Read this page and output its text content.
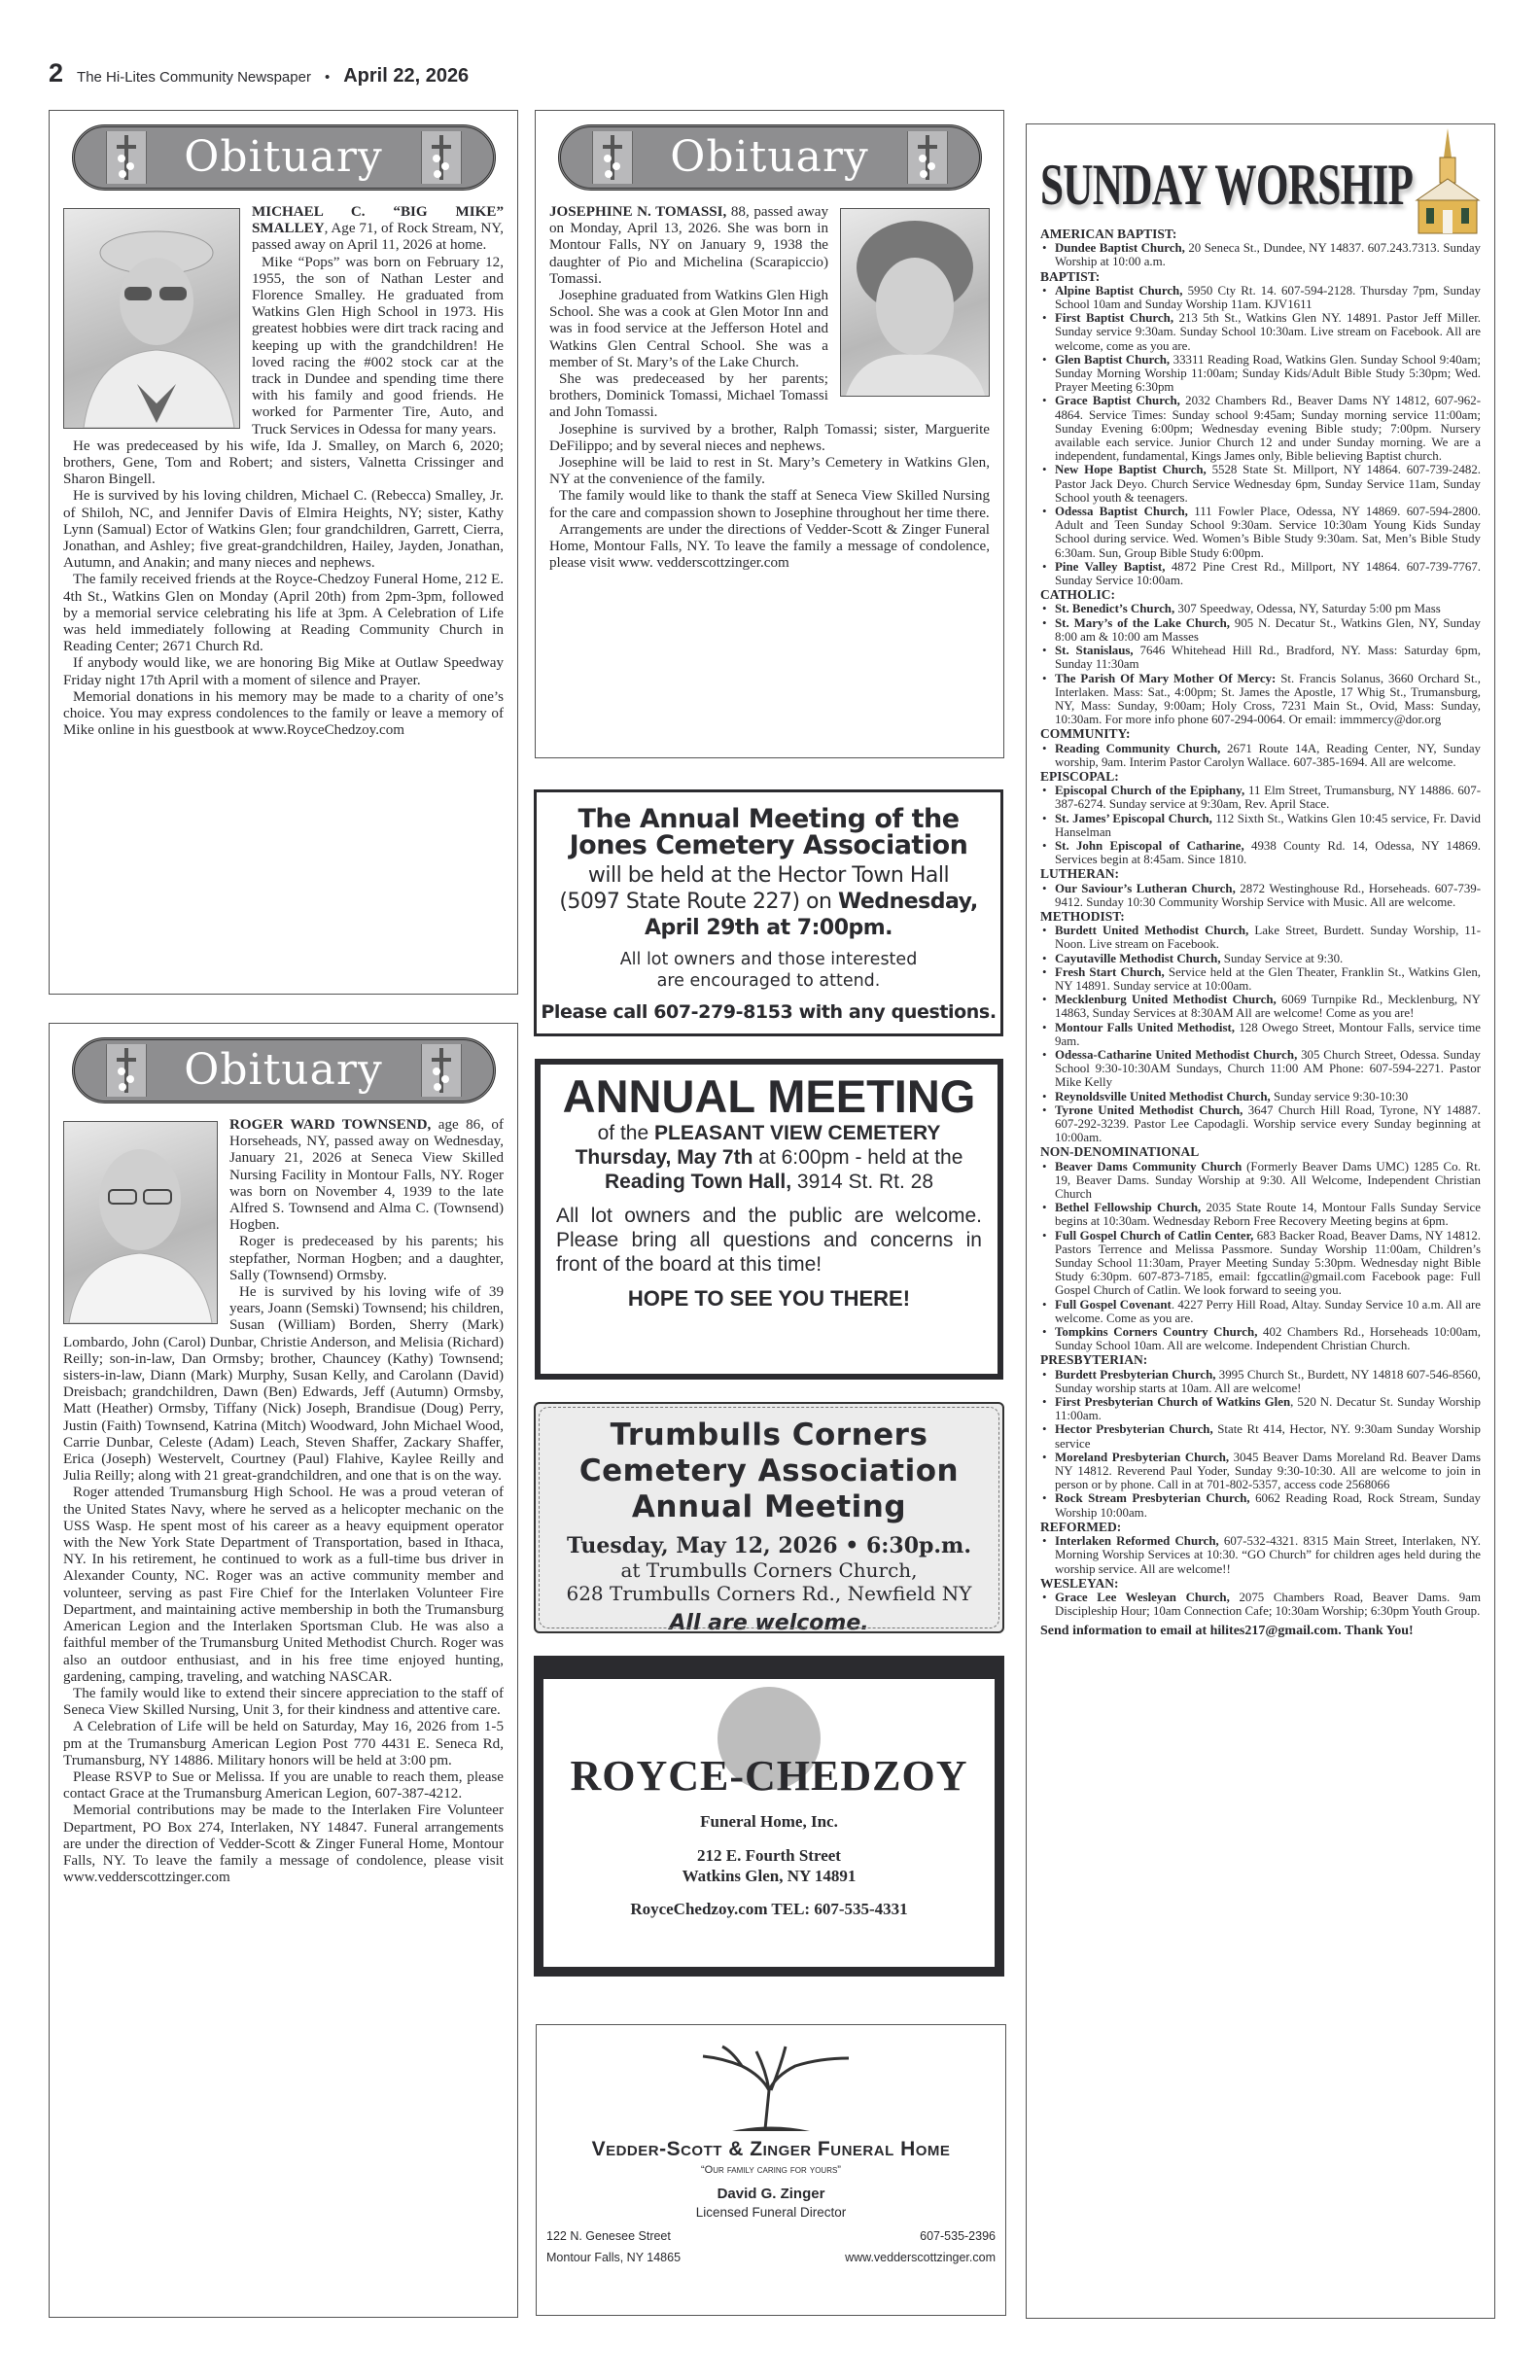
2 The Hi-Lites Community Newspaper • April 22, 2026
Obituary

MICHAEL C. “BIG MIKE” SMALLEY, Age 71, of Rock Stream, NY, passed away on April 11, 2026 at home.

Mike “Pops” was born on February 12, 1955, the son of Nathan Lester and Florence Smalley. He graduated from Watkins Glen High School in 1973. His greatest hobbies were dirt track racing and keeping up with the grandchildren! He loved racing the #002 stock car at the track in Dundee and spending time there with his family and good friends. He worked for Parmenter Tire, Auto, and Truck Services in Odessa for many years.

He was predeceased by his wife, Ida J. Smalley, on March 6, 2020; brothers, Gene, Tom and Robert; and sisters, Valnetta Crissinger and Sharon Bingell.

He is survived by his loving children, Michael C. (Rebecca) Smalley, Jr. of Shiloh, NC, and Jennifer Davis of Elmira Heights, NY; sister, Kathy Lynn (Samual) Ector of Watkins Glen; four grandchildren, Garrett, Cierra, Jonathan, and Ashley; five great-grandchildren, Hailey, Jayden, Jonathan, Autumn, and Anakin; and many nieces and nephews.

The family received friends at the Royce-Chedzoy Funeral Home, 212 E. 4th St., Watkins Glen on Monday (April 20th) from 2pm-3pm, followed by a memorial service celebrating his life at 3pm. A Celebration of Life was held immediately following at Reading Community Church in Reading Center; 2671 Church Rd.

If anybody would like, we are honoring Big Mike at Outlaw Speedway Friday night 17th April with a moment of silence and Prayer.

Memorial donations in his memory may be made to a charity of one’s choice. You may express condolences to the family or leave a memory of Mike online in his guestbook at www.RoyceChedzoy.com

Obituary

JOSEPHINE N. TOMASSI, 88, passed away on Monday, April 13, 2026. She was born in Montour Falls, NY on January 9, 1938 the daughter of Pio and Michelina (Scarapiccio) Tomassi.

Josephine graduated from Watkins Glen High School. She was a cook at Glen Motor Inn and was in food service at the Jefferson Hotel and Watkins Glen Central School. She was a member of St. Mary’s of the Lake Church.

She was predeceased by her parents; brothers, Dominick Tomassi, Michael Tomassi and John Tomassi.

Josephine is survived by a brother, Ralph Tomassi; sister, Marguerite DeFilippo; and by several nieces and nephews.

Josephine will be laid to rest in St. Mary’s Cemetery in Watkins Glen, NY at the convenience of the family.

The family would like to thank the staff at Seneca View Skilled Nursing for the care and compassion shown to Josephine throughout her time there.

Arrangements are under the directions of Vedder-Scott & Zinger Funeral Home, Montour Falls, NY. To leave the family a message of condolence, please visit www. vedderscottzinger.com

Obituary

ROGER WARD TOWNSEND, age 86, of Horseheads, NY, passed away on Wednesday, January 21, 2026 at Seneca View Skilled Nursing Facility in Montour Falls, NY. Roger was born on November 4, 1939 to the late Alfred S. Townsend and Alma C. (Townsend) Hogben.

Roger is predeceased by his parents; his stepfather, Norman Hogben; and a daughter, Sally (Townsend) Ormsby.

He is survived by his loving wife of 39 years, Joann (Semski) Townsend; his children, Susan (William) Borden, Sherry (Mark) Lombardo, John (Carol) Dunbar, Christie Anderson, and Melisia (Richard) Reilly; son-in-law, Dan Ormsby; brother, Chauncey (Kathy) Townsend; sisters-in-law, Diann (Mark) Murphy, Susan Kelly, and Carolann (David) Dreisbach; grandchildren, Dawn (Ben) Edwards, Jeff (Autumn) Ormsby, Matt (Heather) Ormsby, Tiffany (Nick) Joseph, Brandisue (Doug) Perry, Justin (Faith) Townsend, Katrina (Mitch) Woodward, John Michael Wood, Carrie Dunbar, Celeste (Adam) Leach, Steven Shaffer, Zackary Shaffer, Erica (Joseph) Westervelt, Courtney (Paul) Flahive, Kaylee Reilly and Julia Reilly; along with 21 great-grandchildren, and one that is on the way.

Roger attended Trumansburg High School. He was a proud veteran of the United States Navy, where he served as a helicopter mechanic on the USS Wasp. He spent most of his career as a heavy equipment operator with the New York State Department of Transportation, based in Ithaca, NY. In his retirement, he continued to work as a full-time bus driver in Alexander County, NC. Roger was an active community member and volunteer, serving as past Fire Chief for the Interlaken Volunteer Fire Department, and maintaining active membership in both the Trumansburg American Legion and the Interlaken Sportsman Club. He was also a faithful member of the Trumansburg United Methodist Church. Roger was also an outdoor enthusiast, and in his free time enjoyed hunting, gardening, camping, traveling, and watching NASCAR.

The family would like to extend their sincere appreciation to the staff of Seneca View Skilled Nursing, Unit 3, for their kindness and attentive care.

A Celebration of Life will be held on Saturday, May 16, 2026 from 1-5 pm at the Trumansburg American Legion Post 770 4431 E. Seneca Rd, Trumansburg, NY 14886. Military honors will be held at 3:00 pm.

Please RSVP to Sue or Melissa. If you are unable to reach them, please contact Grace at the Trumansburg American Legion, 607-387-4212.

Memorial contributions may be made to the Interlaken Fire Volunteer Department, PO Box 274, Interlaken, NY 14847. Funeral arrangements are under the direction of Vedder-Scott & Zinger Funeral Home, Montour Falls, NY. To leave the family a message of condolence, please visit www.vedderscottzinger.com

The Annual Meeting of the
Jones Cemetery Association
will be held at the Hector Town Hall
(5097 State Route 227) on Wednesday,
April 29th at 7:00pm.
All lot owners and those interested
are encouraged to attend.
Please call 607-279-8153 with any questions.
ANNUAL MEETING
of the PLEASANT VIEW CEMETERY
Thursday, May 7th at 6:00pm - held at the
Reading Town Hall, 3914 St. Rt. 28
All lot owners and the public are welcome. Please bring all questions and concerns in front of the board at this time!
HOPE TO SEE YOU THERE!
Trumbulls Corners
Cemetery Association
Annual Meeting
Tuesday, May 12, 2026 • 6:30p.m.
at Trumbulls Corners Church,
628 Trumbulls Corners Rd., Newfield NY
All are welcome.
ROYCE-CHEDZOY
Funeral Home, Inc.
212 E. Fourth Street
Watkins Glen, NY 14891
RoyceChedzoy.com TEL: 607-535-4331
Vedder-Scott & Zinger Funeral Home
“Our family caring for yours”
David G. Zinger
Licensed Funeral Director
122 N. Genesee Street
Montour Falls, NY 14865
607-535-2396
www.vedderscottzinger.com
SUNDAY WORSHIP
AMERICAN BAPTIST:
• Dundee Baptist Church, 20 Seneca St., Dundee, NY 14837. 607.243.7313. Sunday Worship at 10:00 a.m.
BAPTIST:
• Alpine Baptist Church, 5950 Cty Rt. 14. 607-594-2128. Thursday 7pm, Sunday School 10am and Sunday Worship 11am. KJV1611
• First Baptist Church, 213 5th St., Watkins Glen NY. 14891. Pastor Jeff Miller. Sunday service 9:30am. Sunday School 10:30am. Live stream on Facebook. All are welcome, come as you are.
• Glen Baptist Church, 33311 Reading Road, Watkins Glen. Sunday School 9:40am; Sunday Morning Worship 11:00am; Sunday Kids/Adult Bible Study 5:30pm; Wed. Prayer Meeting 6:30pm
• Grace Baptist Church, 2032 Chambers Rd., Beaver Dams NY 14812, 607-962-4864. Service Times: Sunday school 9:45am; Sunday morning service 11:00am; Sunday Evening 6:00pm; Wednesday evening Bible study; 7:00pm. Nursery available each service. Junior Church 12 and under Sunday morning. We are a independent, fundamental, Kings James only, Bible believing Baptist church.
• New Hope Baptist Church, 5528 State St. Millport, NY 14864. 607-739-2482. Pastor Jack Deyo. Church Service Wednesday 6pm, Sunday Service 11am, Sunday School youth & teenagers.
• Odessa Baptist Church, 111 Fowler Place, Odessa, NY 14869. 607-594-2800. Adult and Teen Sunday School 9:30am. Service 10:30am Young Kids Sunday School during service. Wed. Women’s Bible Study 9:30am. Sat, Men’s Bible Study 6:30am. Sun, Group Bible Study 6:00pm.
• Pine Valley Baptist, 4872 Pine Crest Rd., Millport, NY 14864. 607-739-7767. Sunday Service 10:00am.
CATHOLIC:
• St. Benedict’s Church, 307 Speedway, Odessa, NY, Saturday 5:00 pm Mass
• St. Mary’s of the Lake Church, 905 N. Decatur St., Watkins Glen, NY, Sunday 8:00 am & 10:00 am Masses
• St. Stanislaus, 7646 Whitehead Hill Rd., Bradford, NY. Mass: Saturday 6pm, Sunday 11:30am
• The Parish Of Mary Mother Of Mercy: St. Francis Solanus, 3660 Orchard St., Interlaken. Mass: Sat., 4:00pm; St. James the Apostle, 17 Whig St., Trumansburg, NY, Mass: Sunday, 9:00am; Holy Cross, 7231 Main St., Ovid, Mass: Sunday, 10:30am. For more info phone 607-294-0064. Or email: immmercy@dor.org
COMMUNITY:
• Reading Community Church, 2671 Route 14A, Reading Center, NY, Sunday worship, 9am. Interim Pastor Carolyn Wallace. 607-385-1694. All are welcome.
EPISCOPAL:
• Episcopal Church of the Epiphany, 11 Elm Street, Trumansburg, NY 14886. 607-387-6274. Sunday service at 9:30am, Rev. April Stace.
• St. James’ Episcopal Church, 112 Sixth St., Watkins Glen 10:45 service, Fr. David Hanselman
• St. John Episcopal of Catharine, 4938 County Rd. 14, Odessa, NY 14869. Services begin at 8:45am. Since 1810.
LUTHERAN:
• Our Saviour’s Lutheran Church, 2872 Westinghouse Rd., Horseheads. 607-739-9412. Sunday 10:30 Community Worship Service with Music. All are welcome.
METHODIST:
• Burdett United Methodist Church, Lake Street, Burdett. Sunday Worship, 11-Noon. Live stream on Facebook.
• Cayutaville Methodist Church, Sunday Service at 9:30.
• Fresh Start Church, Service held at the Glen Theater, Franklin St., Watkins Glen, NY 14891. Sunday service at 10:00am.
• Mecklenburg United Methodist Church, 6069 Turnpike Rd., Mecklenburg, NY 14863, Sunday Services at 8:30AM All are welcome! Come as you are!
• Montour Falls United Methodist, 128 Owego Street, Montour Falls, service time 9am.
• Odessa-Catharine United Methodist Church, 305 Church Street, Odessa. Sunday School 9:30-10:30AM Sundays, Church 11:00 AM Phone: 607-594-2271. Pastor Mike Kelly
• Reynoldsville United Methodist Church, Sunday service 9:30-10:30
• Tyrone United Methodist Church, 3647 Church Hill Road, Tyrone, NY 14887. 607-292-3239. Pastor Lee Capodagli. Worship service every Sunday beginning at 10:00am.
NON-DENOMINATIONAL
• Beaver Dams Community Church (Formerly Beaver Dams UMC) 1285 Co. Rt. 19, Beaver Dams. Sunday Worship at 9:30. All Welcome, Independent Christian Church
• Bethel Fellowship Church, 2035 State Route 14, Montour Falls Sunday Service begins at 10:30am. Wednesday Reborn Free Recovery Meeting begins at 6pm.
• Full Gospel Church of Catlin Center, 683 Backer Road, Beaver Dams, NY 14812. Pastors Terrence and Melissa Passmore. Sunday Worship 11:00am, Children’s Sunday School 11:30am, Prayer Meeting Sunday 5:30pm. Wednesday night Bible Study 6:30pm. 607-873-7185, email: fgccatlin@gmail.com Facebook page: Full Gospel Church of Catlin. We look forward to seeing you.
• Full Gospel Covenant. 4227 Perry Hill Road, Altay. Sunday Service 10 a.m. All are welcome. Come as you are.
• Tompkins Corners Country Church, 402 Chambers Rd., Horseheads 10:00am, Sunday School 10am. All are welcome. Independent Christian Church.
PRESBYTERIAN:
• Burdett Presbyterian Church, 3995 Church St., Burdett, NY 14818 607-546-8560, Sunday worship starts at 10am. All are welcome!
• First Presbyterian Church of Watkins Glen, 520 N. Decatur St. Sunday Worship 11:00am.
• Hector Presbyterian Church, State Rt 414, Hector, NY. 9:30am Sunday Worship service
• Moreland Presbyterian Church, 3045 Beaver Dams Moreland Rd. Beaver Dams NY 14812. Reverend Paul Yoder, Sunday 9:30-10:30. All are welcome to join in person or by phone. Call in at 701-802-5357, access code 2568066
• Rock Stream Presbyterian Church, 6062 Reading Road, Rock Stream, Sunday Worship 10:00am.
REFORMED:
• Interlaken Reformed Church, 607-532-4321. 8315 Main Street, Interlaken, NY. Morning Worship Services at 10:30. “GO Church” for children ages held during the worship service. All are welcome!!
WESLEYAN:
• Grace Lee Wesleyan Church, 2075 Chambers Road, Beaver Dams. 9am Discipleship Hour; 10am Connection Cafe; 10:30am Worship; 6:30pm Youth Group.
Send information to email at hilites217@gmail.com. Thank You!
